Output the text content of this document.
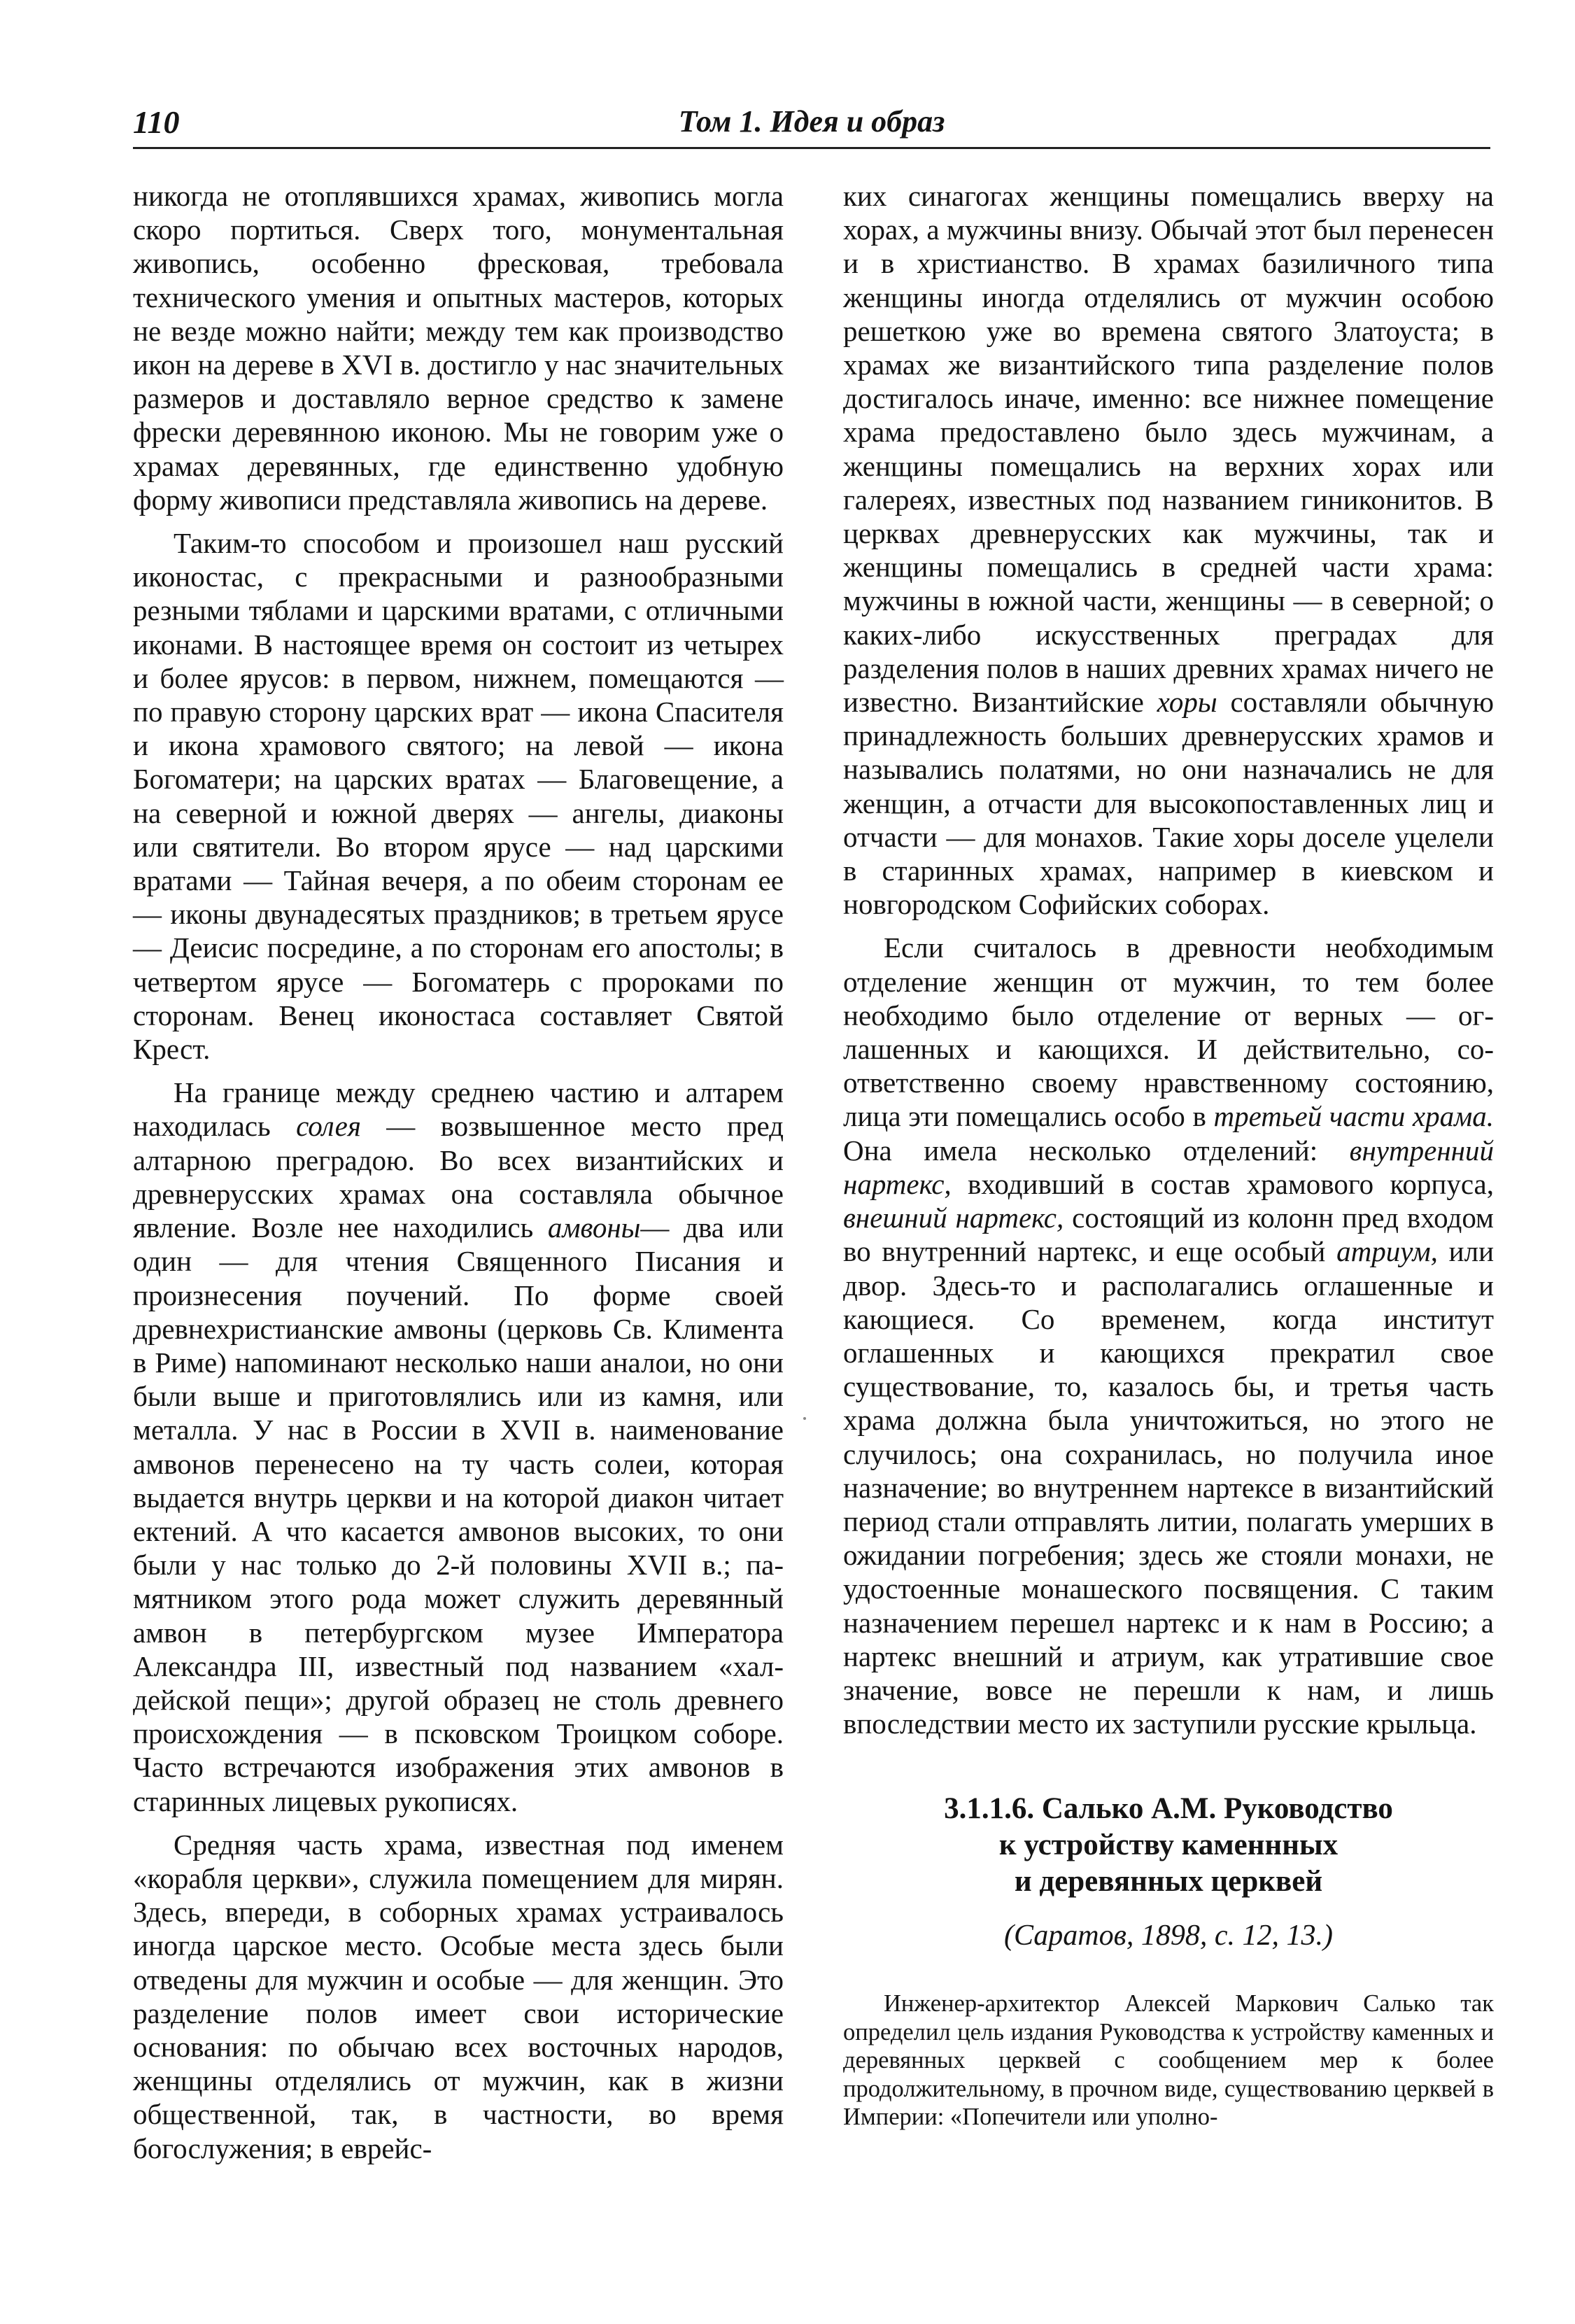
110	Том 1. Идея и образ

никогда не отоплявшихся храмах, живопись могла скоро портиться. Сверх того, монументальная живопись, особенно фресковая, требовала технического умения и опытных мастеров, которых не везде можно найти; между тем как производство икон на дереве в XVI в. достигло у нас значительных размеров и доставляло верное средство к замене фрески деревянною иконою. Мы не говорим уже о храмах деревянных, где единственно удобную форму живописи представляла живопись на дереве.

Таким-то способом и произошел наш русский иконостас, с прекрасными и разнообразными резными тяблами и царскими вратами, с отличными иконами. В настоящее время он состоит из четырех и более ярусов: в первом, нижнем, помещаются — по правую сторону царских врат — икона Спасителя и икона храмового святого; на левой — икона Богоматери; на царских вратах — Благовещение, а на северной и южной дверях — ангелы, диаконы или святители. Во втором ярусе — над царскими вратами — Тайная вечеря, а по обеим сторонам ее — иконы двунадесятых праздников; в третьем ярусе — Деисис посредине, а по сторонам его апостолы; в четвертом ярусе — Богоматерь с пророками по сторонам. Венец иконостаса составляет Святой Крест.

На границе между среднею частию и алтарем находилась солея — возвышенное место пред алтарною преградою. Во всех византийских и древнерусских храмах она составляла обычное явление. Возле нее находились амвоны— два или один — для чтения Священного Писания и произнесения поучений. По форме своей древнехристианские амвоны (церковь Св. Климента в Риме) напоминают несколько наши аналои, но они были выше и приготовлялись или из камня, или металла. У нас в России в XVII в. наименование амвонов перенесено на ту часть солеи, которая выдается внутрь церкви и на которой диакон читает ектений. А что касается амвонов высоких, то они были у нас только до 2-й половины XVII в.; памятником этого рода может служить деревянный амвон в петербургском музее Императора Александра III, известный под названием «халдейской пещи»; другой образец не столь древнего происхождения — в псковском Троицком соборе. Часто встречаются изображения этих амвонов в старинных лицевых рукописях.

Средняя часть храма, известная под именем «корабля церкви», служила помещением для мирян. Здесь, впереди, в соборных храмах устраивалось иногда царское место. Особые места здесь были отведены для мужчин и особые — для женщин. Это разделение полов имеет свои исторические основания: по обычаю всех восточных народов, женщины отделялись от мужчин, как в жизни общественной, так, в частности, во время богослужения; в еврейс-

ких синагогах женщины помещались вверху на хорах, а мужчины внизу. Обычай этот был перенесен и в христианство. В храмах базиличного типа женщины иногда отделялись от мужчин особою решеткою уже во времена святого Златоуста; в храмах же византийского типа разделение полов достигалось иначе, именно: все нижнее помещение храма предоставлено было здесь мужчинам, а женщины помещались на верхних хорах или галереях, известных под названием гиниконитов. В церквах древнерусских как мужчины, так и женщины помещались в средней части храма: мужчины в южной части, женщины — в северной; о каких-либо искусственных преградах для разделения полов в наших древних храмах ничего не известно. Византийские хоры составляли обычную принадлежность больших древнерусских храмов и назывались полатями, но они назначались не для женщин, а отчасти для высокопоставленных лиц и отчасти — для монахов. Такие хоры доселе уцелели в старинных храмах, например в киевском и новгородском Софийских соборах.

Если считалось в древности необходимым отделение женщин от мужчин, то тем более необходимо было отделение от верных — оглашенных и кающихся. И действительно, соответственно своему нравственному состоянию, лица эти помещались особо в третьей части храма. Она имела несколько отделений: внутренний нартекс, входивший в состав храмового корпуса, внешний нартекс, состоящий из колонн пред входом во внутренний нартекс, и еще особый атриум, или двор. Здесь-то и располагались оглашенные и кающиеся. Со временем, когда институт оглашенных и кающихся прекратил свое существование, то, казалось бы, и третья часть храма должна была уничтожиться, но этого не случилось; она сохранилась, но получила иное назначение; во внутреннем нартексе в византийский период стали отправлять литии, полагать умерших в ожидании погребения; здесь же стояли монахи, не удостоенные монашеского посвящения. С таким назначением перешел нартекс и к нам в Россию; а нартекс внешний и атриум, как утратившие свое значение, вовсе не перешли к нам, и лишь впоследствии место их заступили русские крыльца.

3.1.1.6. Салько А.М. Руководство
к устройству каменнных
и деревянных церквей
(Саратов, 1898, с. 12, 13.)
Инженер-архитектор Алексей Маркович Салько так определил цель издания Руководства к устройству каменных и деревянных церквей с сообщением мер к более продолжительному, в прочном виде, существованию церквей в Империи: «Попечители или уполно-
